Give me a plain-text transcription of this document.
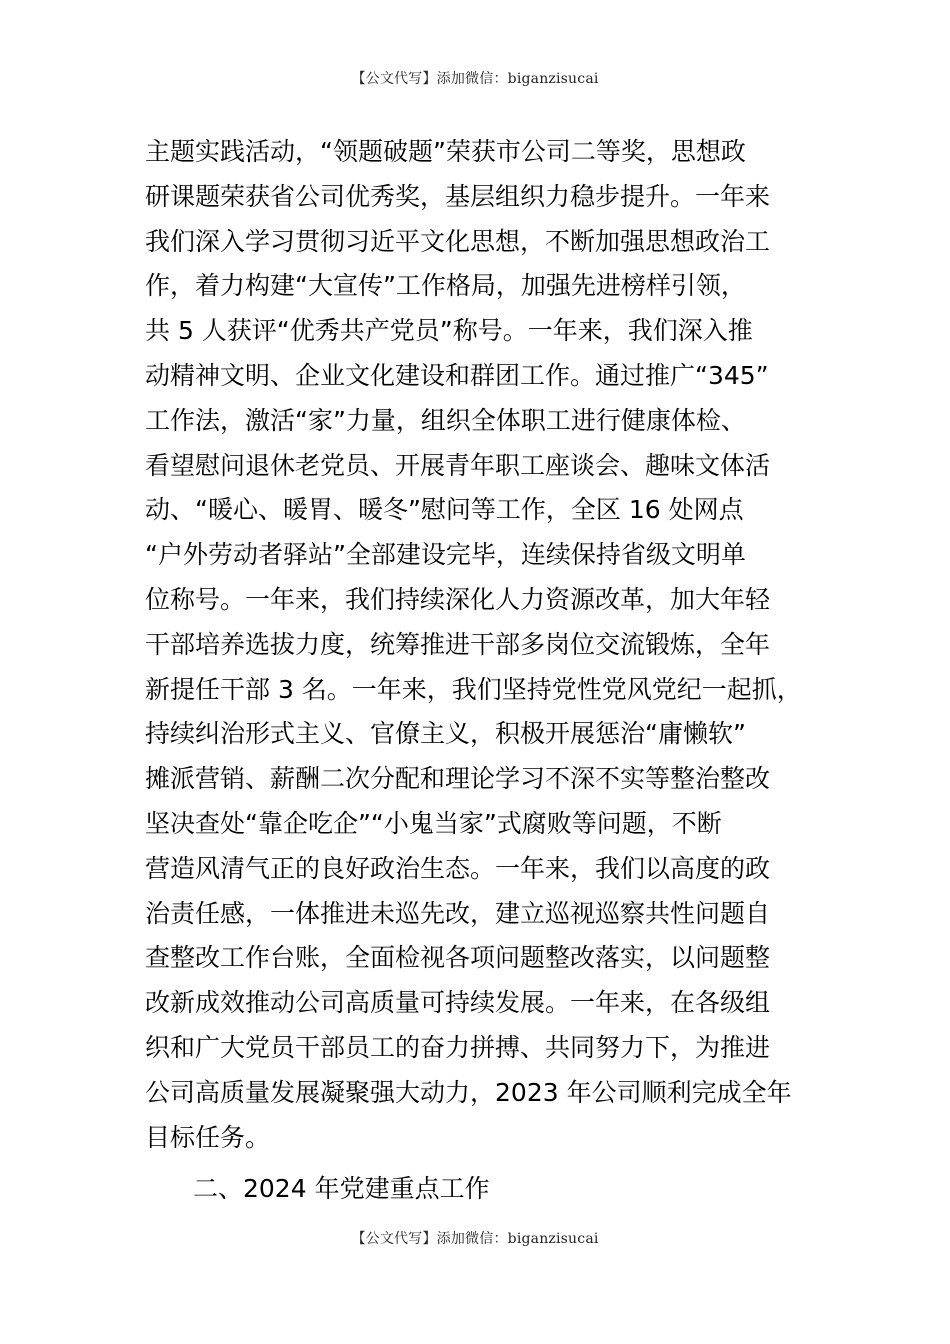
【公文代写】添加微信：biganzisucai
主题实践活动，“领题破题”荣获市公司二等奖，思想政
研课题荣获省公司优秀奖，基层组织力稳步提升。一年来
我们深入学习贯彻习近平文化思想，不断加强思想政治工
作，着力构建“大宣传”工作格局，加强先进榜样引领，
共 5 人获评“优秀共产党员”称号。一年来，我们深入推
动精神文明、企业文化建设和群团工作。通过推广“345”
工作法，激活“家”力量，组织全体职工进行健康体检、
看望慰问退休老党员、开展青年职工座谈会、趣味文体活
动、“暖心、暖胃、暖冬”慰问等工作，全区 16 处网点
“户外劳动者驿站”全部建设完毕，连续保持省级文明单
位称号。一年来，我们持续深化人力资源改革，加大年轻
干部培养选拔力度，统筹推进干部多岗位交流锻炼，全年
新提任干部 3 名。一年来，我们坚持党性党风党纪一起抓，
持续纠治形式主义、官僚主义，积极开展惩治“庸懒软”
摊派营销、薪酬二次分配和理论学习不深不实等整治整改
坚决查处“靠企吃企”“小鬼当家”式腐败等问题，不断
营造风清气正的良好政治生态。一年来，我们以高度的政
治责任感，一体推进未巡先改，建立巡视巡察共性问题自
查整改工作台账，全面检视各项问题整改落实，以问题整
改新成效推动公司高质量可持续发展。一年来，在各级组
织和广大党员干部员工的奋力拼搏、共同努力下，为推进
公司高质量发展凝聚强大动力，2023 年公司顺利完成全年
目标任务。
二、2024 年党建重点工作
【公文代写】添加微信：biganzisucai
